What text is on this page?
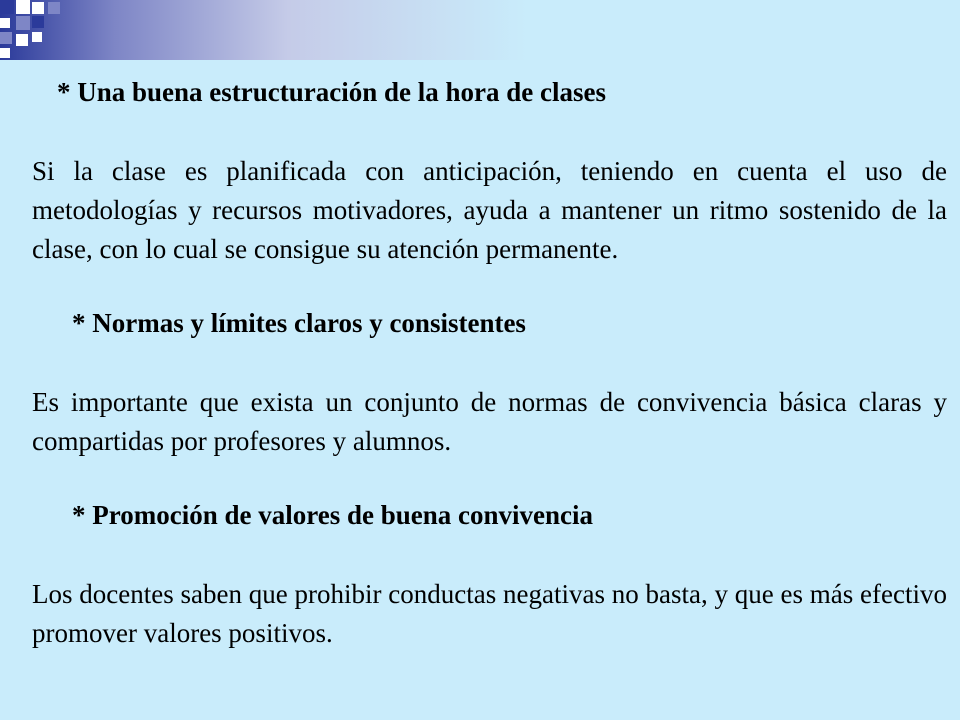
* Una buena estructuración de la hora de clases
Si la clase es planificada con anticipación, teniendo en cuenta el uso de metodologías y recursos motivadores, ayuda a mantener un ritmo sostenido de la clase, con lo cual se consigue su atención permanente.
* Normas y límites claros y consistentes
Es importante que exista un conjunto de normas de convivencia básica claras y compartidas por profesores y alumnos.
* Promoción de valores de buena convivencia
Los docentes saben que prohibir conductas negativas no basta, y que es más efectivo promover valores positivos.
